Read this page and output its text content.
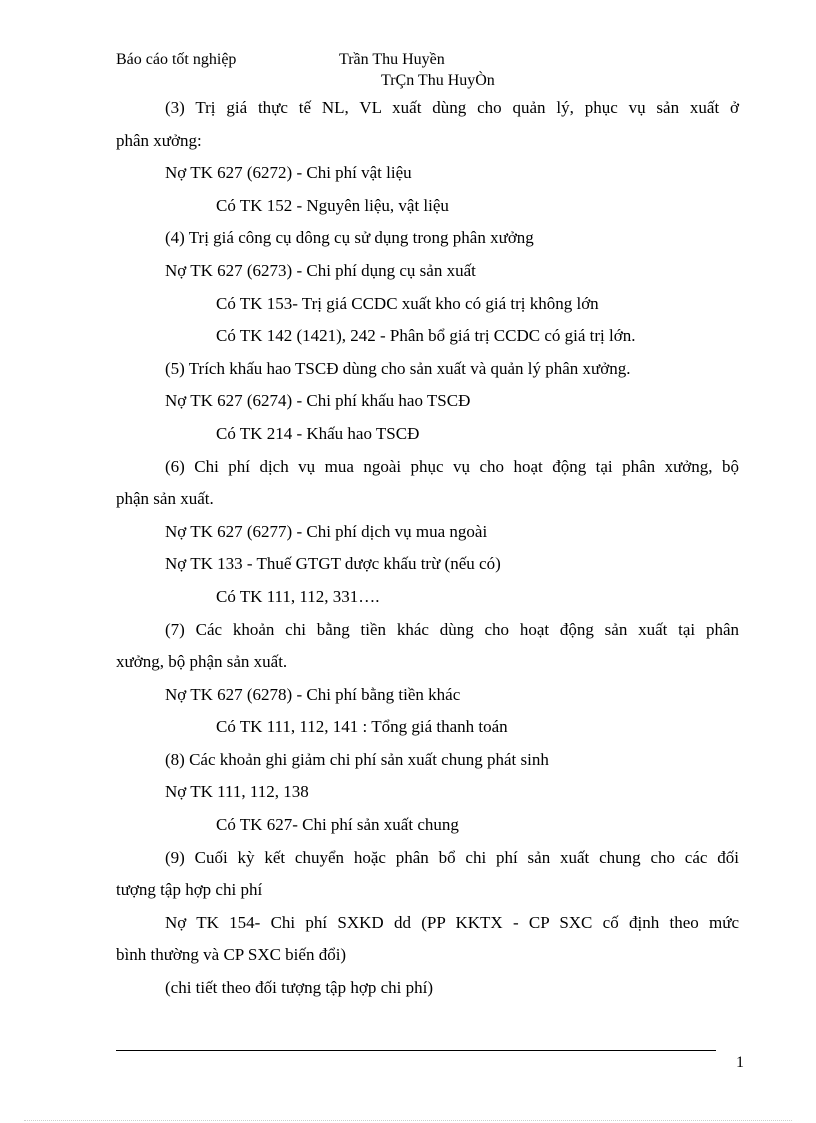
Báo cáo tốt nghiệp	Trần Thu Huyền
TrÇn Thu HuyÒn
(3) Trị giá thực tế NL, VL xuất dùng cho quản lý, phục vụ sản xuất ở
phân xưởng:
Nợ TK 627 (6272) - Chi phí vật liệu
Có TK 152 - Nguyên liệu, vật liệu
(4) Trị giá công cụ dông cụ sử dụng trong phân xưởng
Nợ TK 627 (6273) - Chi phí dụng cụ sản xuất
Có TK 153- Trị giá CCDC xuất kho có giá trị không lớn
Có TK 142 (1421), 242 - Phân bổ giá trị CCDC có giá trị lớn.
(5) Trích khấu hao TSCĐ dùng cho sản xuất và quản lý phân xưởng.
Nợ TK 627 (6274) - Chi phí khấu hao TSCĐ
Có TK 214 - Khấu hao TSCĐ
(6) Chi phí dịch vụ mua ngoài phục vụ cho hoạt động tại phân xưởng, bộ
phận sản xuất.
Nợ TK 627 (6277) - Chi phí dịch vụ mua ngoài
Nợ TK 133 - Thuế GTGT dược khấu trừ (nếu có)
Có TK 111, 112, 331….
(7) Các khoản chi bằng tiền khác dùng cho hoạt động sản xuất tại phân
xưởng, bộ phận sản xuất.
Nợ TK 627 (6278) - Chi phí bằng tiền khác
Có TK 111, 112, 141 : Tổng giá thanh toán
(8) Các khoản ghi giảm chi phí sản xuất chung phát sinh
Nợ TK 111, 112, 138
Có TK 627- Chi phí sản xuất chung
(9) Cuối kỳ kết chuyển hoặc phân bổ chi phí sản xuất chung cho các đối
tượng tập hợp chi phí
Nợ TK 154- Chi phí SXKD dd (PP KKTX - CP SXC cố định theo mức
bình thường và CP SXC biến đổi)
(chi tiết theo đối tượng tập hợp chi phí)
1
